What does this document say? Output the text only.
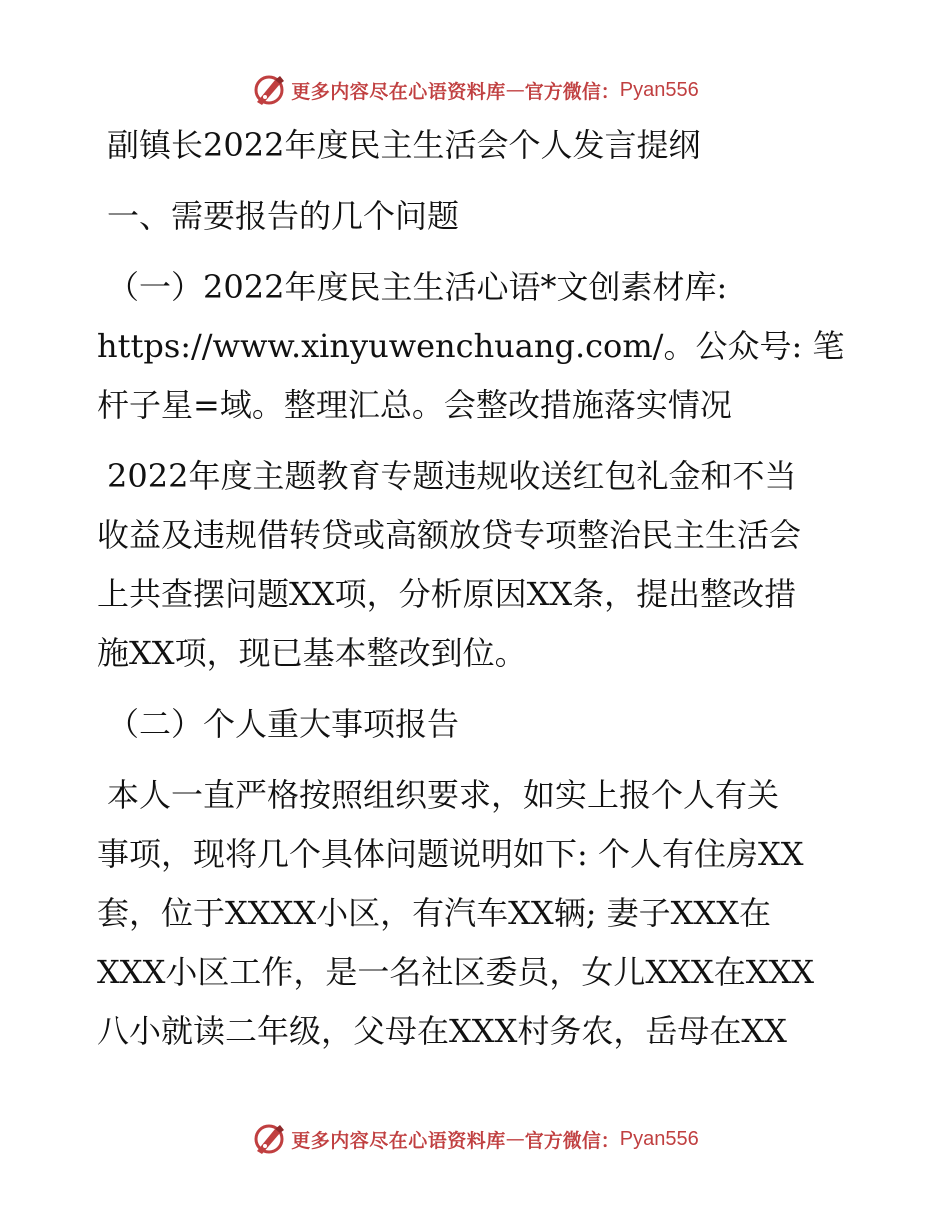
更多内容尽在心语资料库 — 官方微信： Pyan556

副镇长2022年度民主生活会个人发言提纲

一、需要报告的几个问题

（一）2022年度民主生活心语*文创素材库:

https://www.xinyuwenchuang.com/。公众号: 笔

杆子星=域。整理汇总。会整改措施落实情况

2022年度主题教育专题违规收送红包礼金和不当

收益及违规借转贷或高额放贷专项整治民主生活会

上共查摆问题XX项，分析原因XX条，提出整改措

施XX项，现已基本整改到位。

（二）个人重大事项报告

本人一直严格按照组织要求，如实上报个人有关

事项，现将几个具体问题说明如下: 个人有住房XX

套，位于XXXX小区，有汽车XX辆; 妻子XXX在

XXX小区工作，是一名社区委员，女儿XXX在XXX

八小就读二年级，父母在XXX村务农，岳母在XX

更多内容尽在心语资料库 — 官方微信： Pyan556
